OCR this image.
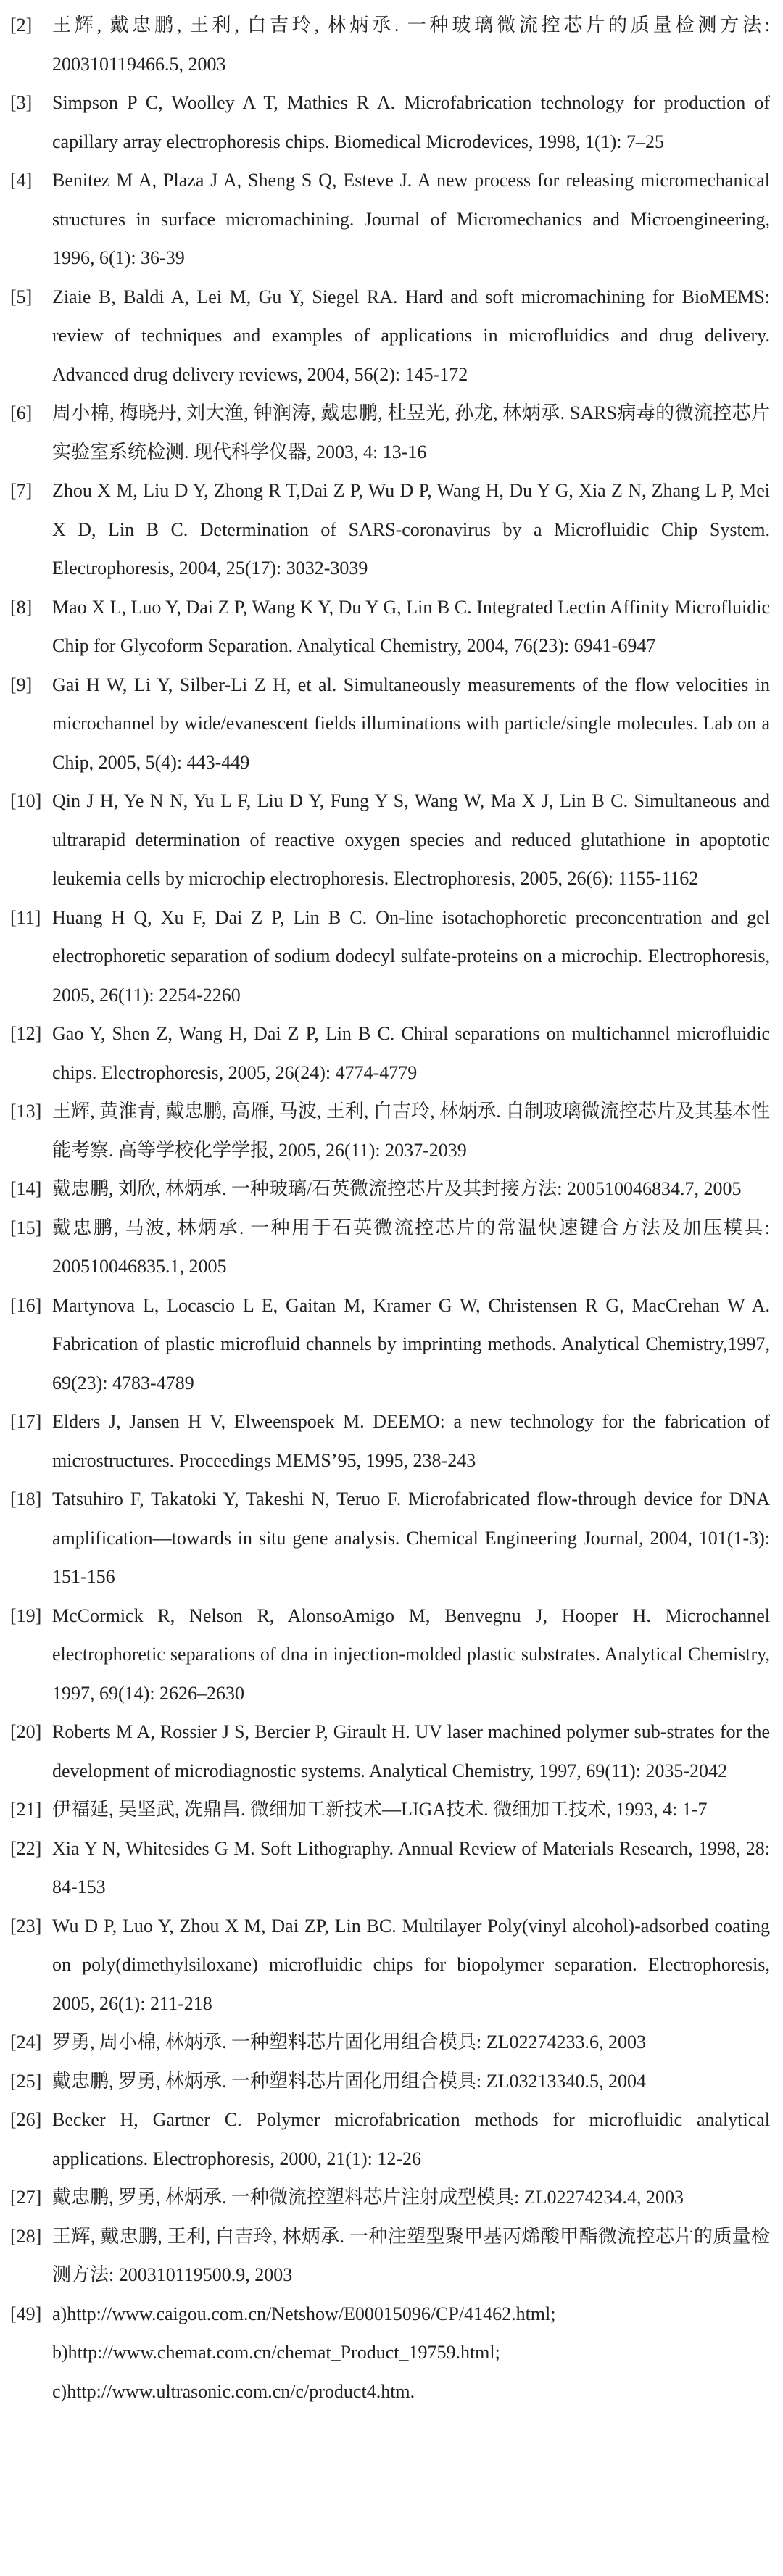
[2]	王辉, 戴忠鹏, 王利, 白吉玲, 林炳承. 一种玻璃微流控芯片的质量检测方法: 200310119466.5, 2003
[3]	Simpson P C, Woolley A T, Mathies R A. Microfabrication technology for production of capillary array electrophoresis chips. Biomedical Microdevices, 1998, 1(1): 7–25
[4]	Benitez M A, Plaza J A, Sheng S Q, Esteve J. A new process for releasing micromechanical structures in surface micromachining. Journal of Micromechanics and Microengineering, 1996, 6(1): 36-39
[5]	Ziaie B, Baldi A, Lei M, Gu Y, Siegel RA. Hard and soft micromachining for BioMEMS: review of techniques and examples of applications in microfluidics and drug delivery. Advanced drug delivery reviews, 2004, 56(2): 145-172
[6]	周小棉, 梅晓丹, 刘大渔, 钟润涛, 戴忠鹏, 杜昱光, 孙龙, 林炳承. SARS病毒的微流控芯片实验室系统检测. 现代科学仪器, 2003, 4: 13-16
[7]	Zhou X M, Liu D Y, Zhong R T,Dai Z P, Wu D P, Wang H, Du Y G, Xia Z N, Zhang L P, Mei X D, Lin B C. Determination of SARS-coronavirus by a Microfluidic Chip System. Electrophoresis, 2004, 25(17): 3032-3039
[8]	Mao X L, Luo Y, Dai Z P, Wang K Y, Du Y G, Lin B C. Integrated Lectin Affinity Microfluidic Chip for Glycoform Separation. Analytical Chemistry, 2004, 76(23): 6941-6947
[9]	Gai H W, Li Y, Silber-Li Z H, et al. Simultaneously measurements of the flow velocities in microchannel by wide/evanescent fields illuminations with particle/single molecules. Lab on a Chip, 2005, 5(4): 443-449
[10] Qin J H, Ye N N, Yu L F, Liu D Y, Fung Y S, Wang W, Ma X J, Lin B C. Simultaneous and ultrarapid determination of reactive oxygen species and reduced glutathione in apoptotic leukemia cells by microchip electrophoresis. Electrophoresis, 2005, 26(6): 1155-1162
[11] Huang H Q, Xu F, Dai Z P, Lin B C. On-line isotachophoretic preconcentration and gel electrophoretic separation of sodium dodecyl sulfate-proteins on a microchip. Electrophoresis, 2005, 26(11): 2254-2260
[12] Gao Y, Shen Z, Wang H, Dai Z P, Lin B C. Chiral separations on multichannel microfluidic chips. Electrophoresis, 2005, 26(24): 4774-4779
[13] 王辉, 黄淮青, 戴忠鹏, 高雁, 马波, 王利, 白吉玲, 林炳承. 自制玻璃微流控芯片及其基本性能考察. 高等学校化学学报, 2005, 26(11): 2037-2039
[14] 戴忠鹏, 刘欣, 林炳承. 一种玻璃/石英微流控芯片及其封接方法: 200510046834.7, 2005
[15] 戴忠鹏, 马波, 林炳承. 一种用于石英微流控芯片的常温快速键合方法及加压模具: 200510046835.1, 2005
[16] Martynova L, Locascio L E, Gaitan M, Kramer G W, Christensen R G, MacCrehan W A. Fabrication of plastic microfluid channels by imprinting methods. Analytical Chemistry,1997, 69(23): 4783-4789
[17] Elders J, Jansen H V, Elweenspoek M. DEEMO: a new technology for the fabrication of microstructures. Proceedings MEMS’95, 1995, 238-243
[18] Tatsuhiro F, Takatoki Y, Takeshi N, Teruo F. Microfabricated flow-through device for DNA amplification—towards in situ gene analysis. Chemical Engineering Journal, 2004, 101(1-3): 151-156
[19] McCormick R, Nelson R, AlonsoAmigo M, Benvegnu J, Hooper H. Microchannel electrophoretic separations of dna in injection-molded plastic substrates. Analytical Chemistry, 1997, 69(14): 2626–2630
[20] Roberts M A, Rossier J S, Bercier P, Girault H. UV laser machined polymer sub-strates for the development of microdiagnostic systems. Analytical Chemistry, 1997, 69(11): 2035-2042
[21] 伊福延, 吴坚武, 冼鼎昌. 微细加工新技术—LIGA技术. 微细加工技术, 1993, 4: 1-7
[22] Xia Y N, Whitesides G M. Soft Lithography. Annual Review of Materials Research, 1998, 28: 84-153
[23] Wu D P, Luo Y, Zhou X M, Dai ZP, Lin BC. Multilayer Poly(vinyl alcohol)-adsorbed coating on poly(dimethylsiloxane) microfluidic chips for biopolymer separation. Electrophoresis, 2005, 26(1): 211-218
[24] 罗勇, 周小棉, 林炳承. 一种塑料芯片固化用组合模具: ZL02274233.6, 2003
[25] 戴忠鹏, 罗勇, 林炳承. 一种塑料芯片固化用组合模具: ZL03213340.5, 2004
[26] Becker H, Gartner C. Polymer microfabrication methods for microfluidic analytical applications. Electrophoresis, 2000, 21(1): 12-26
[27] 戴忠鹏, 罗勇, 林炳承. 一种微流控塑料芯片注射成型模具: ZL02274234.4, 2003
[28] 王辉, 戴忠鹏, 王利, 白吉玲, 林炳承. 一种注塑型聚甲基丙烯酸甲酯微流控芯片的质量检测方法: 200310119500.9, 2003
[49] a)http://www.caigou.com.cn/Netshow/E00015096/CP/41462.html;
b)http://www.chemat.com.cn/chemat_Product_19759.html;
c)http://www.ultrasonic.com.cn/c/product4.htm.
